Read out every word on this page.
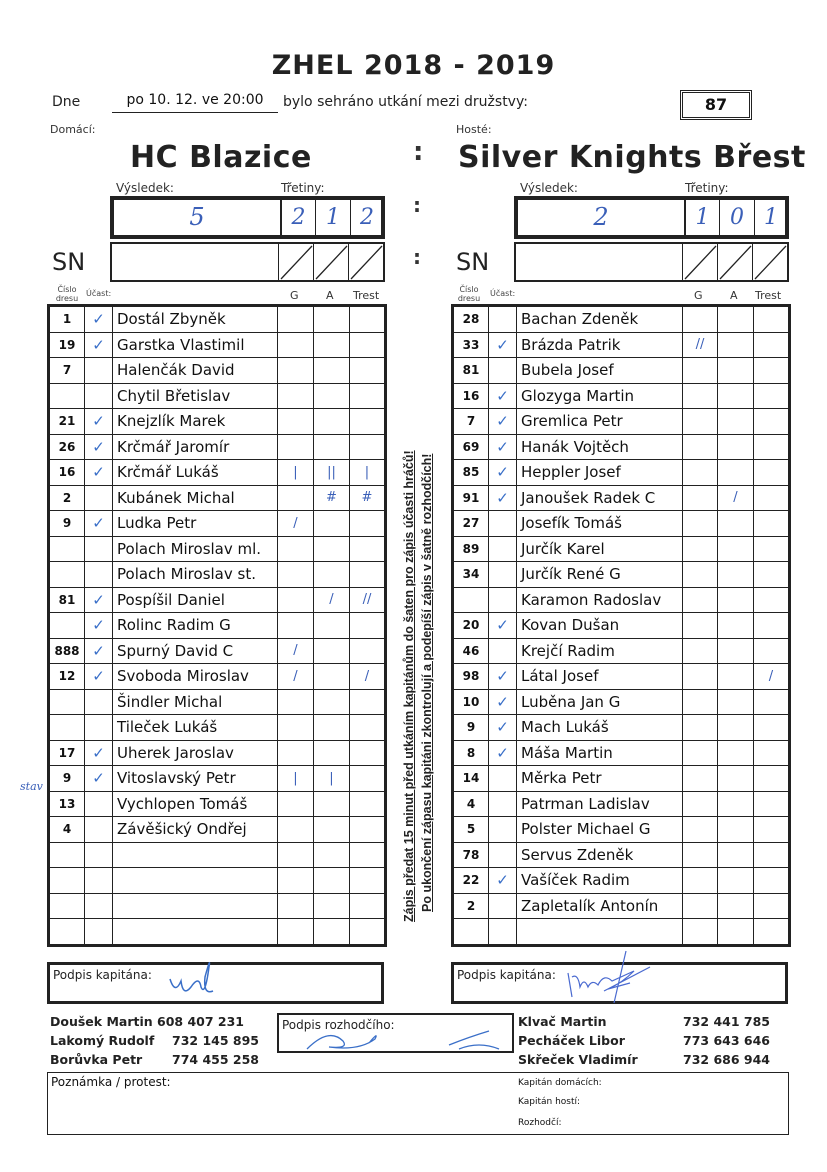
ZHEL 2018 - 2019
Dne	po 10. 12. ve 20:00	bylo sehráno utkání mezi družstvy:	87
Domácí:	Hosté:
HC Blazice	: Silver Knights Břest
Výsledek:	Třetiny:
5	2 1 2	:
SN	:
Číslo dresu
Účast:	G A Trest
Výsledek:	Třetiny:
2	1 0 1
SN
Číslo dresu
Účast:	G A Trest
1	✓	Dostál Zbyněk			
19	✓	Garstka Vlastimil			
7		Halenčák David			
		Chytil Břetislav			
21	✓	Knejzlík Marek			
26	✓	Krčmář Jaromír			
16	✓	Krčmář Lukáš	|	||	|
2		Kubánek Michal		#	#
9	✓	Ludka Petr	/		
		Polach Miroslav ml.			
		Polach Miroslav st.			
81	✓	Pospíšil Daniel		/	//
	✓	Rolinc Radim G			
888	✓	Spurný David C	/		
12	✓	Svoboda Miroslav	/		/
		Šindler Michal			
		Tileček Lukáš			
17	✓	Uherek Jaroslav			
9	✓	Vitoslavský Petr	|	|	
13		Vychlopen Tomáš			
4		Závěšický Ondřej			

stav
28		Bachan Zdeněk			
33	✓	Brázda Patrik	//		
81		Bubela Josef			
16	✓	Glozyga Martin			
7	✓	Gremlica Petr			
69	✓	Hanák Vojtěch			
85	✓	Heppler Josef			
91	✓	Janoušek Radek C		/	
27		Josefík Tomáš			
89		Jurčík Karel			
34		Jurčík René G			
		Karamon Radoslav			
20	✓	Kovan Dušan			
46		Krejčí Radim			
98	✓	Látal Josef			/
10	✓	Luběna Jan G			
9	✓	Mach Lukáš			
8	✓	Máša Martin			
14		Měrka Petr			
4		Patrman Ladislav			
5		Polster Michael G			
78		Servus Zdeněk			
22	✓	Vašíček Radim			
2		Zapletalík Antonín			

Zápis předat 15 minut před utkáním kapitánům do šaten pro zápis účasti hráčů! Po ukončení zápasu kapitáni zkontrolují a podepíší zápis v šatně rozhodčích!
Podpis kapitána:	Podpis kapitána:
Doušek Martin 608 407 231
Lakomý Rudolf 732 145 895
Borůvka Petr 774 455 258
Podpis rozhodčího:	Klvač Martin	732 441 785
Pecháček Libor	773 643 646
Skřeček Vladimír	732 686 944
Poznámka / protest:	Kapitán domácích:
Kapitán hostí:
Rozhodčí:
